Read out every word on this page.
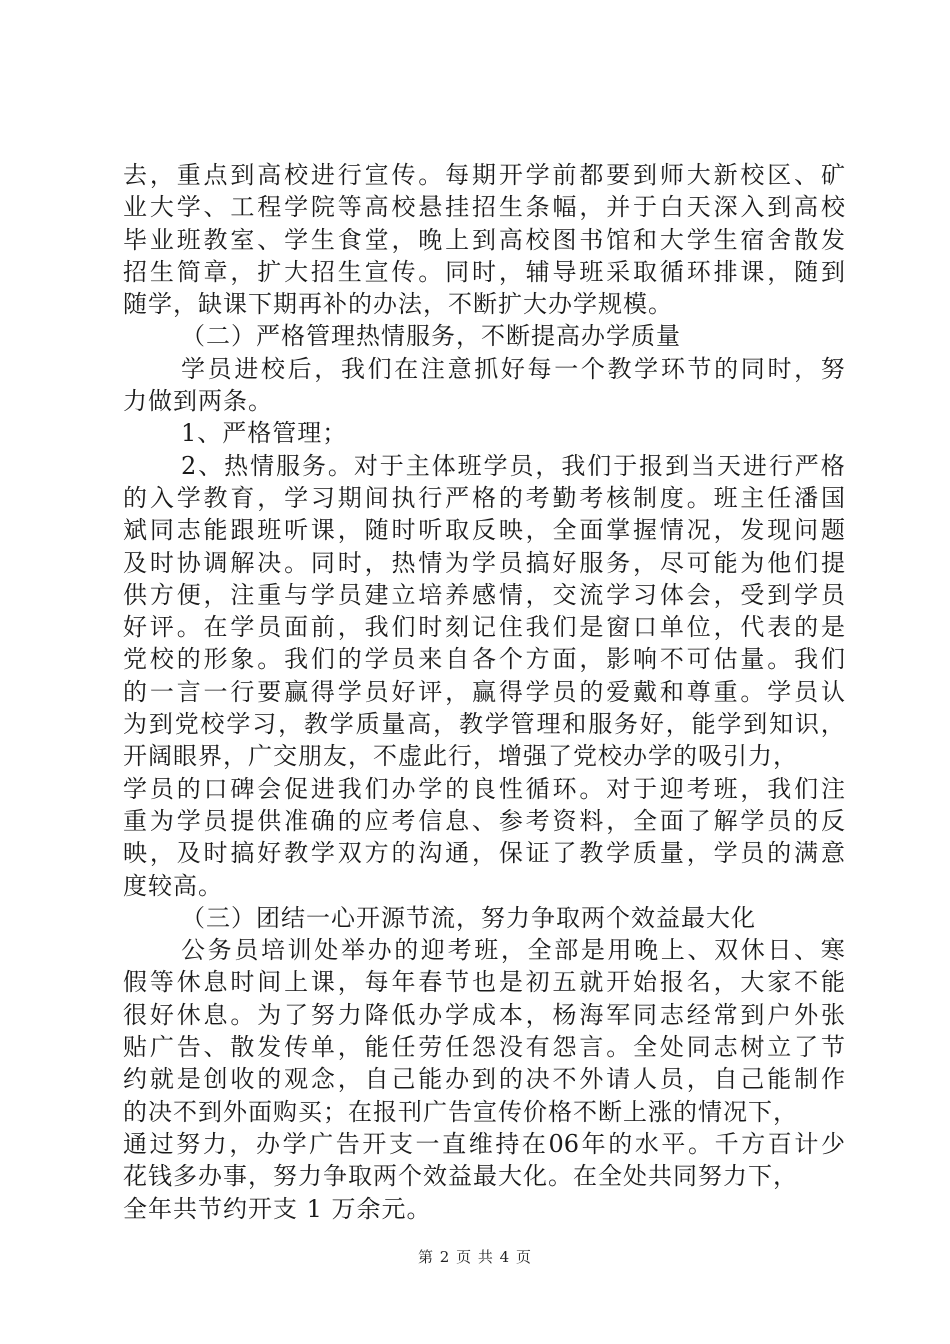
去 ， 重 点 到 高 校 进 行 宣 传 。 每 期 开 学 前 都 要 到 师 大 新 校 区 、 矿
业 大 学 、 工 程 学 院 等 高 校 悬 挂 招 生 条 幅 ， 并 于 白 天 深 入 到 高 校
毕 业 班 教 室 、 学 生 食 堂 ， 晚 上 到 高 校 图 书 馆 和 大 学 生 宿 舍 散 发
招 生 简 章 ， 扩 大 招 生 宣 传 。 同 时 ， 辅 导 班 采 取 循 环 排 课 ， 随 到
随学，缺课下期再补的办法，不断扩大办学规模。
（二）严格管理热情服务，不断提高办学质量
学 员 进 校 后 ， 我 们 在 注 意 抓 好 每 一 个 教 学 环 节 的 同 时 ， 努
力做到两条。
1、严格管理；
2 、 热 情 服 务 。 对 于 主 体 班 学 员 ， 我 们 于 报 到 当 天 进 行 严 格
的 入 学 教 育 ， 学 习 期 间 执 行 严 格 的 考 勤 考 核 制 度 。 班 主 任 潘 国
斌 同 志 能 跟 班 听 课 ， 随 时 听 取 反 映 ， 全 面 掌 握 情 况 ， 发 现 问 题
及 时 协 调 解 决 。 同 时 ， 热 情 为 学 员 搞 好 服 务 ， 尽 可 能 为 他 们 提
供 方 便 ， 注 重 与 学 员 建 立 培 养 感 情 ， 交 流 学 习 体 会 ， 受 到 学 员
好 评 。 在 学 员 面 前 ， 我 们 时 刻 记 住 我 们 是 窗 口 单 位 ， 代 表 的 是
党 校 的 形 象 。 我 们 的 学 员 来 自 各 个 方 面 ， 影 响 不 可 估 量 。 我 们
的 一 言 一 行 要 赢 得 学 员 好 评 ， 赢 得 学 员 的 爱 戴 和 尊 重 。 学 员 认
为 到 党 校 学 习 ， 教 学 质 量 高 ， 教 学 管 理 和 服 务 好 ， 能 学 到 知 识 ，
开阔眼界，广交朋友，不虚此行，增强了党校办学的吸引力，
学 员 的 口 碑 会 促 进 我 们 办 学 的 良 性 循 环 。 对 于 迎 考 班 ， 我 们 注
重 为 学 员 提 供 准 确 的 应 考 信 息 、 参 考 资 料 ， 全 面 了 解 学 员 的 反
映 ， 及 时 搞 好 教 学 双 方 的 沟 通 ， 保 证 了 教 学 质 量 ， 学 员 的 满 意
度较高。
（三）团结一心开源节流，努力争取两个效益最大化
公 务 员 培 训 处 举 办 的 迎 考 班 ， 全 部 是 用 晚 上 、 双 休 日 、 寒
假 等 休 息 时 间 上 课 ， 每 年 春 节 也 是 初 五 就 开 始 报 名 ， 大 家 不 能
很 好 休 息 。 为 了 努 力 降 低 办 学 成 本 ， 杨 海 军 同 志 经 常 到 户 外 张
贴 广 告 、 散 发 传 单 ， 能 任 劳 任 怨 没 有 怨 言 。 全 处 同 志 树 立 了 节
约 就 是 创 收 的 观 念 ， 自 己 能 办 到 的 决 不 外 请 人 员 ， 自 己 能 制 作
的决不到外面购买；在报刊广告宣传价格不断上涨的情况下，
通 过 努 力 ， 办 学 广 告 开 支 一 直 维 持 在 06 年 的 水 平 。 千 方 百 计 少
花钱多办事，努力争取两个效益最大化。在全处共同努力下，
全年共节约开支 1 万余元。
第 2 页 共 4 页
